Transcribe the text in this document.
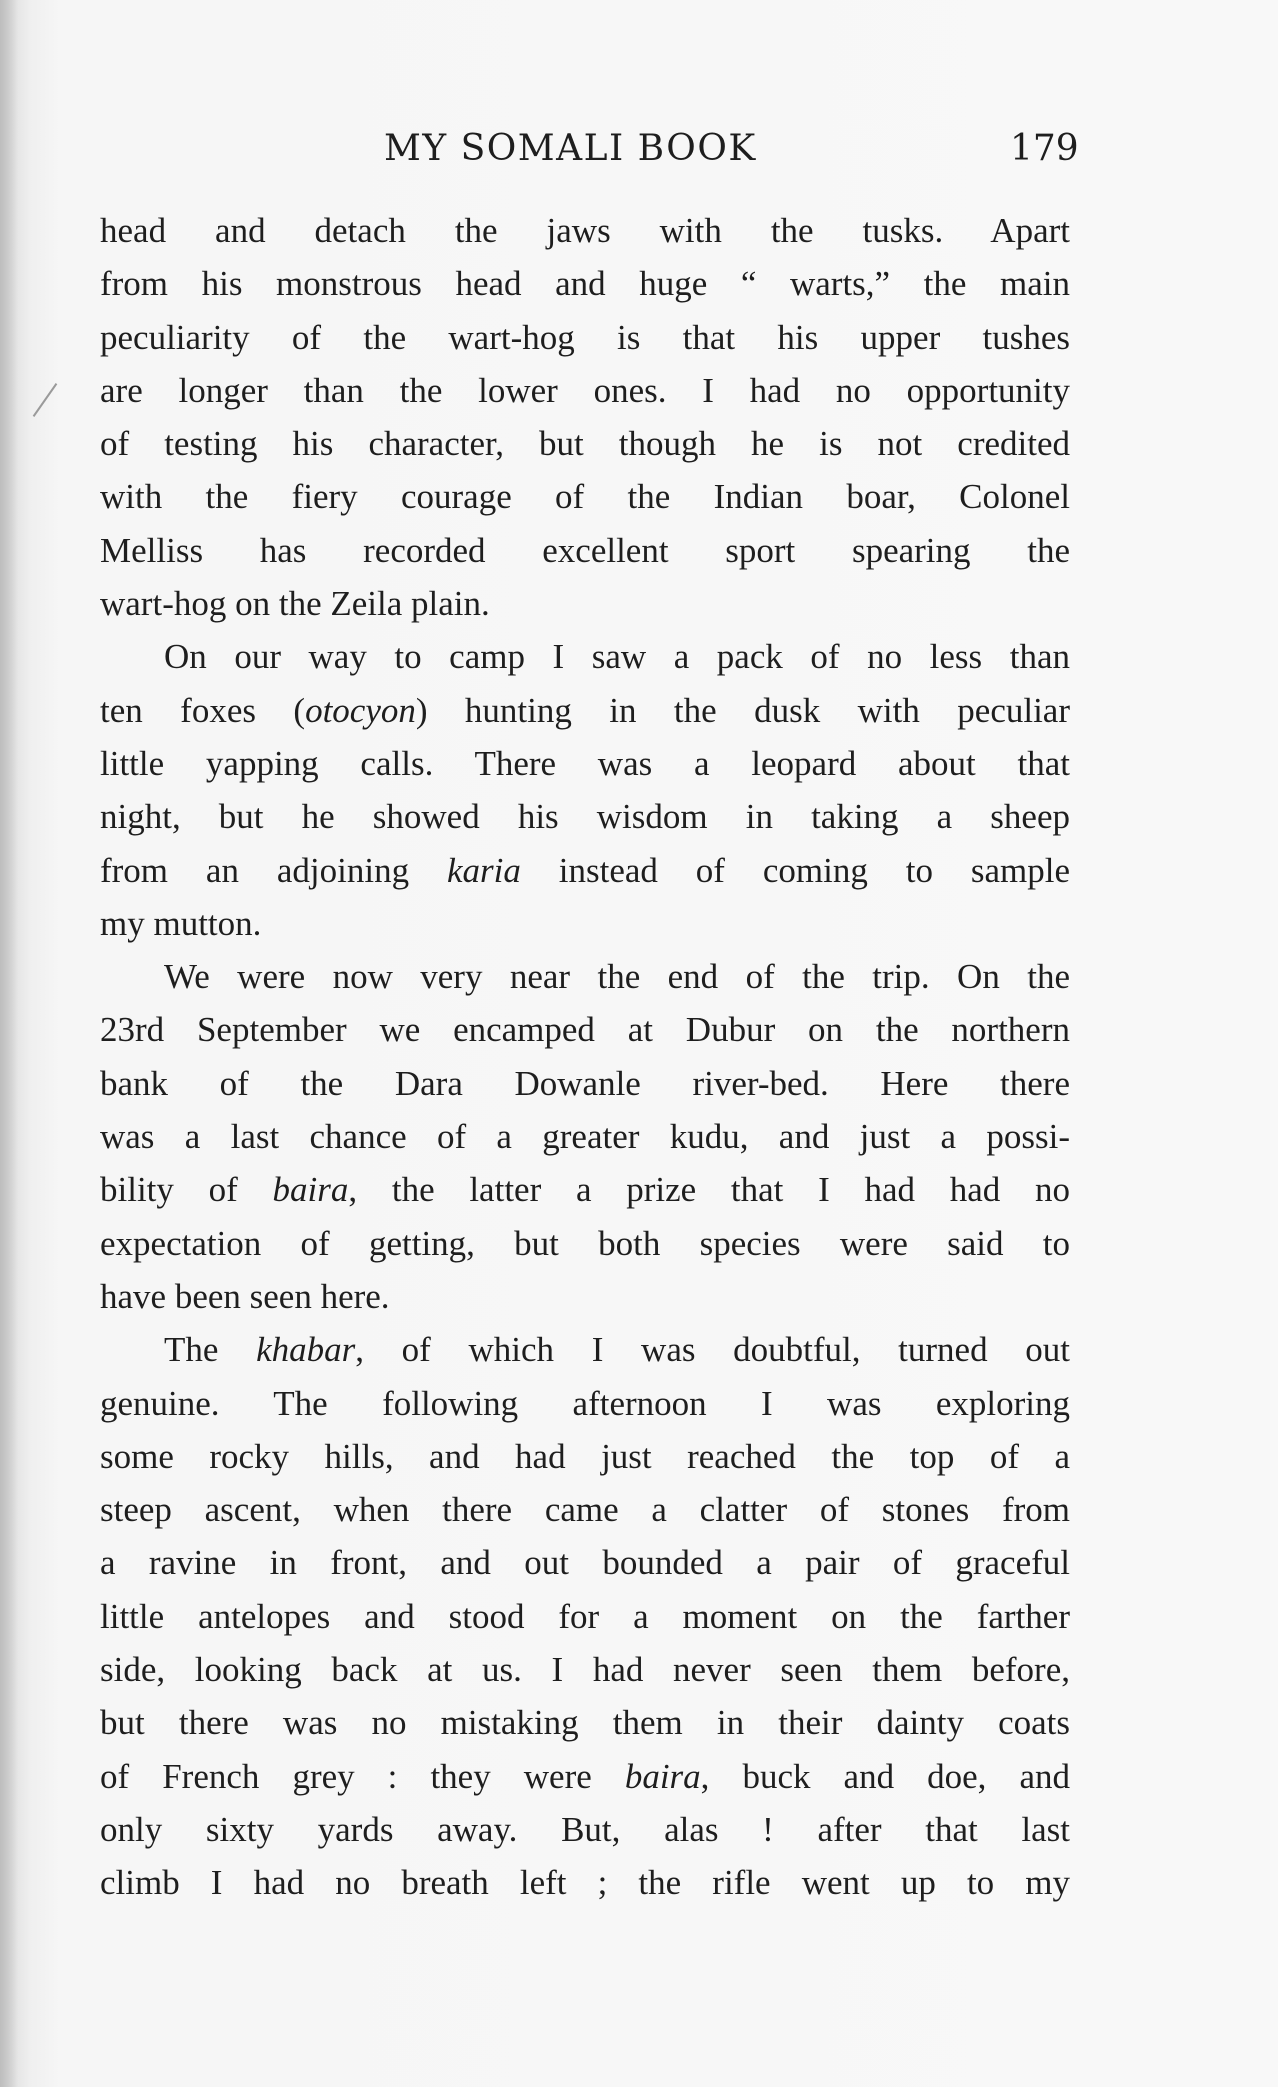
MY SOMALI BOOK	179

head and detach the jaws with the tusks. Apart
from his monstrous head and huge “ warts,” the main
peculiarity of the wart-hog is that his upper tushes
are longer than the lower ones. I had no opportunity
of testing his character, but though he is not credited
with the fiery courage of the Indian boar, Colonel
Melliss has recorded excellent sport spearing the
wart-hog on the Zeila plain.

On our way to camp I saw a pack of no less than
ten foxes (otocyon) hunting in the dusk with peculiar
little yapping calls. There was a leopard about that
night, but he showed his wisdom in taking a sheep
from an adjoining karia instead of coming to sample
my mutton.

We were now very near the end of the trip. On the
23rd September we encamped at Dubur on the northern
bank of the Dara Dowanle river-bed. Here there
was a last chance of a greater kudu, and just a possi-
bility of baira, the latter a prize that I had had no
expectation of getting, but both species were said to
have been seen here.

The khabar, of which I was doubtful, turned out
genuine. The following afternoon I was exploring
some rocky hills, and had just reached the top of a
steep ascent, when there came a clatter of stones from
a ravine in front, and out bounded a pair of graceful
little antelopes and stood for a moment on the farther
side, looking back at us. I had never seen them before,
but there was no mistaking them in their dainty coats
of French grey : they were baira, buck and doe, and
only sixty yards away. But, alas ! after that last
climb I had no breath left ; the rifle went up to my
